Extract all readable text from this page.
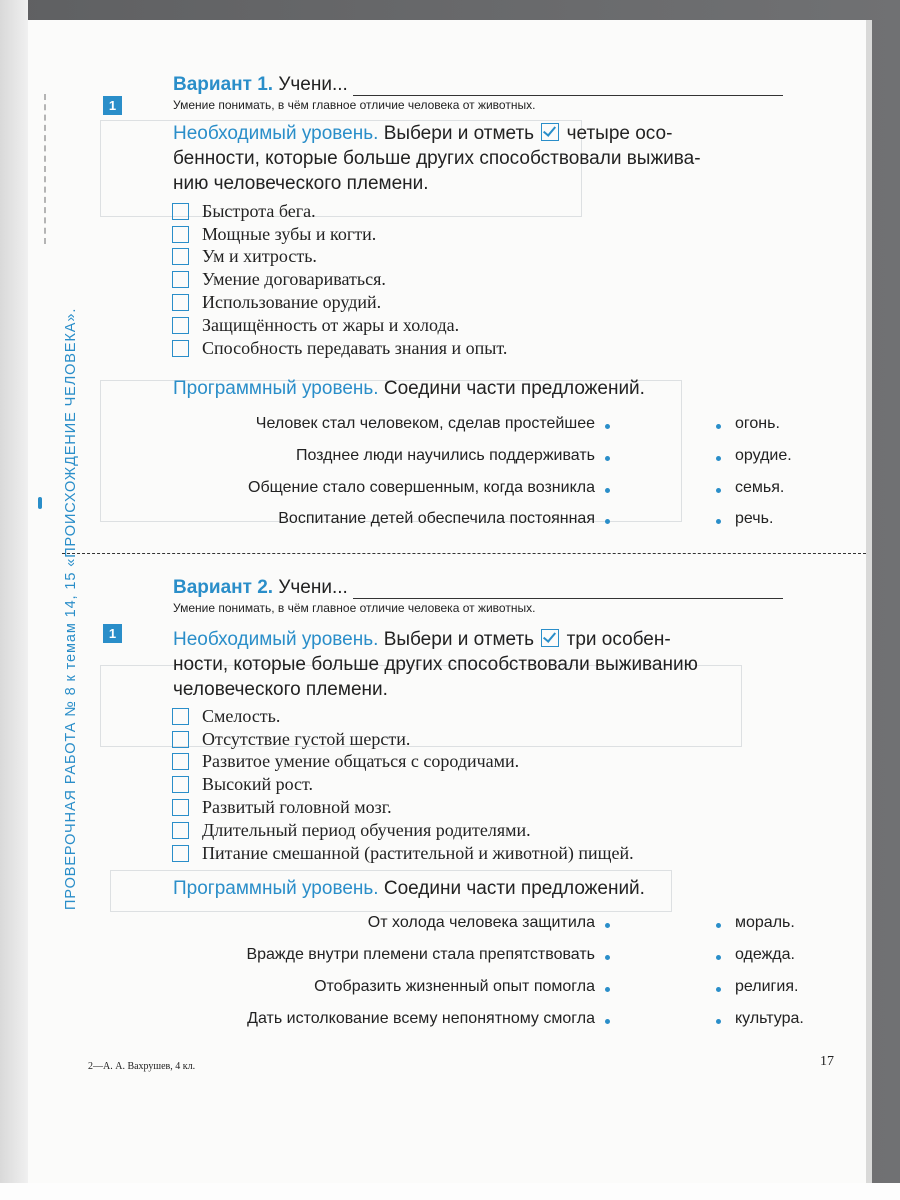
ПРОВЕРОЧНАЯ РАБОТА № 8 к темам 14, 15 «ПРОИСХОЖДЕНИЕ ЧЕЛОВЕКА».
Вариант 1. Учени...
Умение понимать, в чём главное отличие человека от животных.
1
Необходимый уровень. Выбери и отметь четыре осо-
бенности, которые больше других способствовали выжива-
нию человеческого племени.
Быстрота бега.
Мощные зубы и когти.
Ум и хитрость.
Умение договариваться.
Использование орудий.
Защищённость от жары и холода.
Способность передавать знания и опыт.
Программный уровень. Соедини части предложений.
Человек стал человеком, сделав простейшее	огонь.
Позднее люди научились поддерживать	орудие.
Общение стало совершенным, когда возникла	семья.
Воспитание детей обеспечила постоянная	речь.
Вариант 2. Учени...
Умение понимать, в чём главное отличие человека от животных.
1	Необходимый уровень. Выбери и отметь три особен-
ности, которые больше других способствовали выживанию
человеческого племени.
Смелость.
Отсутствие густой шерсти.
Развитое умение общаться с сородичами.
Высокий рост.
Развитый головной мозг.
Длительный период обучения родителями.
Питание смешанной (растительной и животной) пищей.
Программный уровень. Соедини части предложений.
От холода человека защитила	мораль.
Вражде внутри племени стала препятствовать	одежда.
Отобразить жизненный опыт помогла	религия.
Дать истолкование всему непонятному смогла	культура.
2—А. А. Вахрушев, 4 кл.	17
